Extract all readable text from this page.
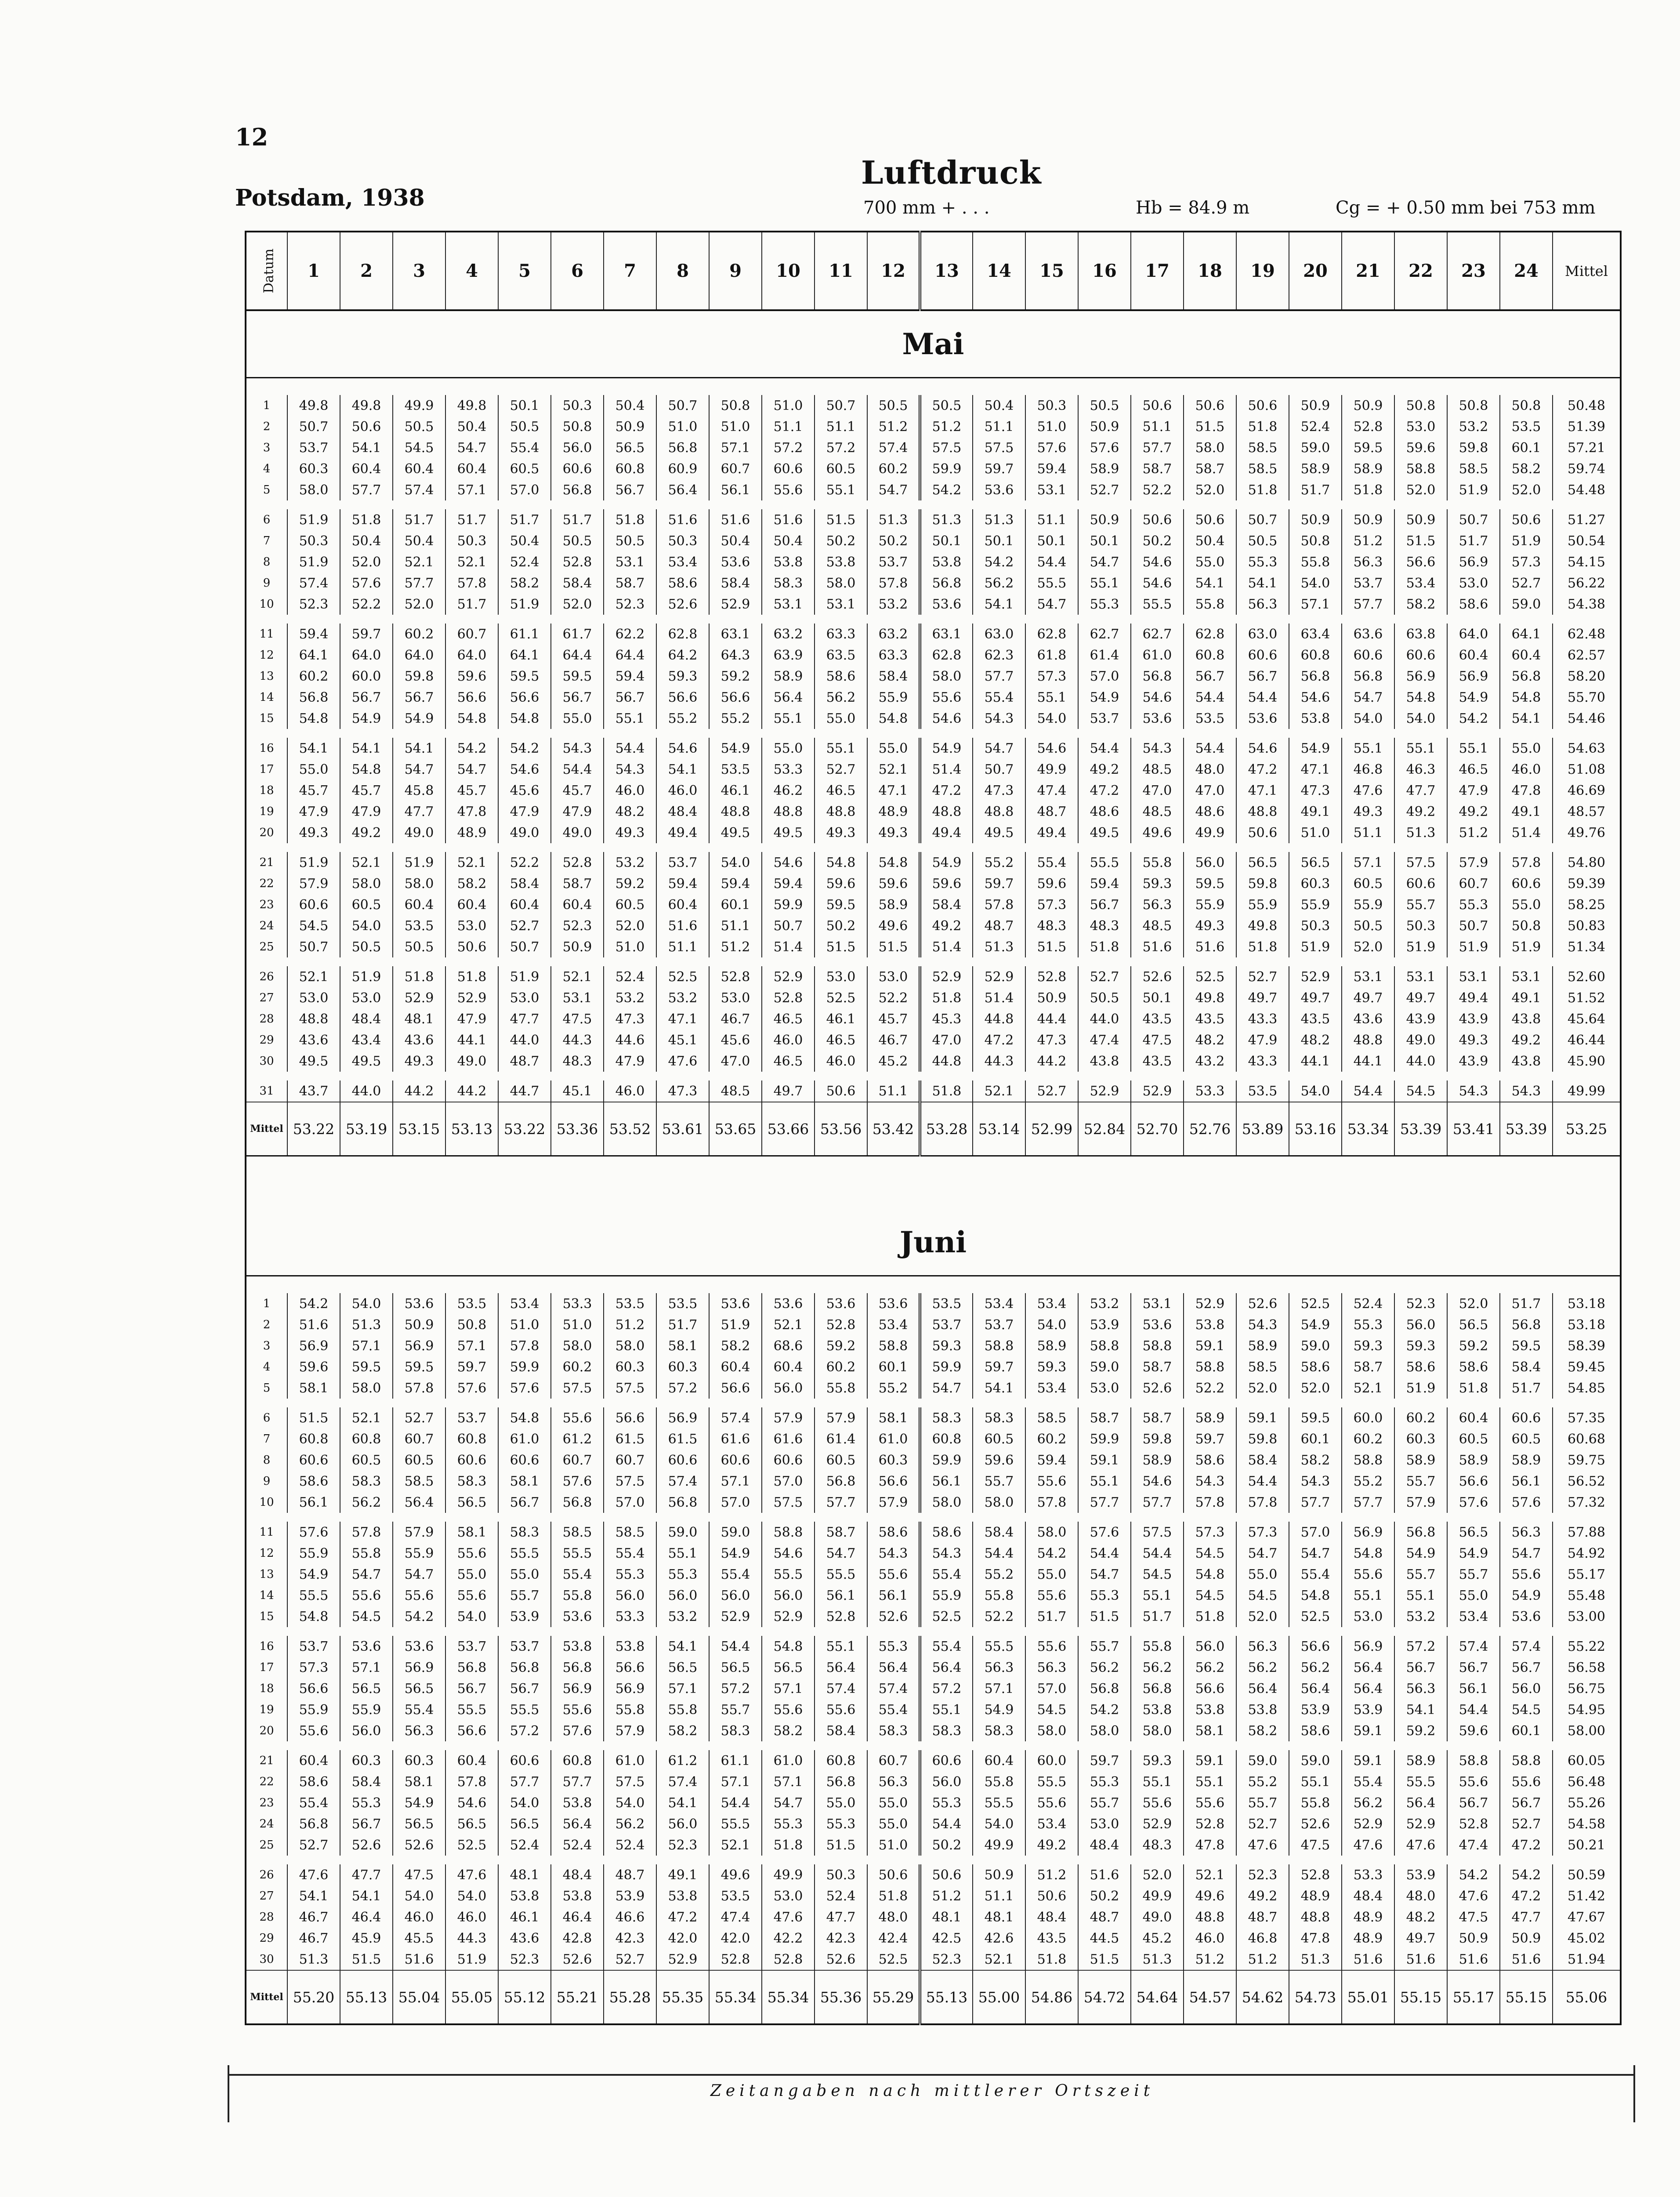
12
Potsdam, 1938
Luftdruck
700 mm + . . .	Hb = 84.9 m	Cg = + 0.50 mm bei 753 mm
Datum	1	2	3	4	5	6	7	8	9	10	11	12	13	14	15	16	17	18	19	20	21	22	23	24	Mittel
Mai																									

1	49.8	49.8	49.9	49.8	50.1	50.3	50.4	50.7	50.8	51.0	50.7	50.5	50.5	50.4	50.3	50.5	50.6	50.6	50.6	50.9	50.9	50.8	50.8	50.8	50.48
2	50.7	50.6	50.5	50.4	50.5	50.8	50.9	51.0	51.0	51.1	51.1	51.2	51.2	51.1	51.0	50.9	51.1	51.5	51.8	52.4	52.8	53.0	53.2	53.5	51.39
3	53.7	54.1	54.5	54.7	55.4	56.0	56.5	56.8	57.1	57.2	57.2	57.4	57.5	57.5	57.6	57.6	57.7	58.0	58.5	59.0	59.5	59.6	59.8	60.1	57.21
4	60.3	60.4	60.4	60.4	60.5	60.6	60.8	60.9	60.7	60.6	60.5	60.2	59.9	59.7	59.4	58.9	58.7	58.7	58.5	58.9	58.9	58.8	58.5	58.2	59.74
5	58.0	57.7	57.4	57.1	57.0	56.8	56.7	56.4	56.1	55.6	55.1	54.7	54.2	53.6	53.1	52.7	52.2	52.0	51.8	51.7	51.8	52.0	51.9	52.0	54.48

6	51.9	51.8	51.7	51.7	51.7	51.7	51.8	51.6	51.6	51.6	51.5	51.3	51.3	51.3	51.1	50.9	50.6	50.6	50.7	50.9	50.9	50.9	50.7	50.6	51.27
7	50.3	50.4	50.4	50.3	50.4	50.5	50.5	50.3	50.4	50.4	50.2	50.2	50.1	50.1	50.1	50.1	50.2	50.4	50.5	50.8	51.2	51.5	51.7	51.9	50.54
8	51.9	52.0	52.1	52.1	52.4	52.8	53.1	53.4	53.6	53.8	53.8	53.7	53.8	54.2	54.4	54.7	54.6	55.0	55.3	55.8	56.3	56.6	56.9	57.3	54.15
9	57.4	57.6	57.7	57.8	58.2	58.4	58.7	58.6	58.4	58.3	58.0	57.8	56.8	56.2	55.5	55.1	54.6	54.1	54.1	54.0	53.7	53.4	53.0	52.7	56.22
10	52.3	52.2	52.0	51.7	51.9	52.0	52.3	52.6	52.9	53.1	53.1	53.2	53.6	54.1	54.7	55.3	55.5	55.8	56.3	57.1	57.7	58.2	58.6	59.0	54.38

11	59.4	59.7	60.2	60.7	61.1	61.7	62.2	62.8	63.1	63.2	63.3	63.2	63.1	63.0	62.8	62.7	62.7	62.8	63.0	63.4	63.6	63.8	64.0	64.1	62.48
12	64.1	64.0	64.0	64.0	64.1	64.4	64.4	64.2	64.3	63.9	63.5	63.3	62.8	62.3	61.8	61.4	61.0	60.8	60.6	60.8	60.6	60.6	60.4	60.4	62.57
13	60.2	60.0	59.8	59.6	59.5	59.5	59.4	59.3	59.2	58.9	58.6	58.4	58.0	57.7	57.3	57.0	56.8	56.7	56.7	56.8	56.8	56.9	56.9	56.8	58.20
14	56.8	56.7	56.7	56.6	56.6	56.7	56.7	56.6	56.6	56.4	56.2	55.9	55.6	55.4	55.1	54.9	54.6	54.4	54.4	54.6	54.7	54.8	54.9	54.8	55.70
15	54.8	54.9	54.9	54.8	54.8	55.0	55.1	55.2	55.2	55.1	55.0	54.8	54.6	54.3	54.0	53.7	53.6	53.5	53.6	53.8	54.0	54.0	54.2	54.1	54.46

16	54.1	54.1	54.1	54.2	54.2	54.3	54.4	54.6	54.9	55.0	55.1	55.0	54.9	54.7	54.6	54.4	54.3	54.4	54.6	54.9	55.1	55.1	55.1	55.0	54.63
17	55.0	54.8	54.7	54.7	54.6	54.4	54.3	54.1	53.5	53.3	52.7	52.1	51.4	50.7	49.9	49.2	48.5	48.0	47.2	47.1	46.8	46.3	46.5	46.0	51.08
18	45.7	45.7	45.8	45.7	45.6	45.7	46.0	46.0	46.1	46.2	46.5	47.1	47.2	47.3	47.4	47.2	47.0	47.0	47.1	47.3	47.6	47.7	47.9	47.8	46.69
19	47.9	47.9	47.7	47.8	47.9	47.9	48.2	48.4	48.8	48.8	48.8	48.9	48.8	48.8	48.7	48.6	48.5	48.6	48.8	49.1	49.3	49.2	49.2	49.1	48.57
20	49.3	49.2	49.0	48.9	49.0	49.0	49.3	49.4	49.5	49.5	49.3	49.3	49.4	49.5	49.4	49.5	49.6	49.9	50.6	51.0	51.1	51.3	51.2	51.4	49.76

21	51.9	52.1	51.9	52.1	52.2	52.8	53.2	53.7	54.0	54.6	54.8	54.8	54.9	55.2	55.4	55.5	55.8	56.0	56.5	56.5	57.1	57.5	57.9	57.8	54.80
22	57.9	58.0	58.0	58.2	58.4	58.7	59.2	59.4	59.4	59.4	59.6	59.6	59.6	59.7	59.6	59.4	59.3	59.5	59.8	60.3	60.5	60.6	60.7	60.6	59.39
23	60.6	60.5	60.4	60.4	60.4	60.4	60.5	60.4	60.1	59.9	59.5	58.9	58.4	57.8	57.3	56.7	56.3	55.9	55.9	55.9	55.9	55.7	55.3	55.0	58.25
24	54.5	54.0	53.5	53.0	52.7	52.3	52.0	51.6	51.1	50.7	50.2	49.6	49.2	48.7	48.3	48.3	48.5	49.3	49.8	50.3	50.5	50.3	50.7	50.8	50.83
25	50.7	50.5	50.5	50.6	50.7	50.9	51.0	51.1	51.2	51.4	51.5	51.5	51.4	51.3	51.5	51.8	51.6	51.6	51.8	51.9	52.0	51.9	51.9	51.9	51.34

26	52.1	51.9	51.8	51.8	51.9	52.1	52.4	52.5	52.8	52.9	53.0	53.0	52.9	52.9	52.8	52.7	52.6	52.5	52.7	52.9	53.1	53.1	53.1	53.1	52.60
27	53.0	53.0	52.9	52.9	53.0	53.1	53.2	53.2	53.0	52.8	52.5	52.2	51.8	51.4	50.9	50.5	50.1	49.8	49.7	49.7	49.7	49.7	49.4	49.1	51.52
28	48.8	48.4	48.1	47.9	47.7	47.5	47.3	47.1	46.7	46.5	46.1	45.7	45.3	44.8	44.4	44.0	43.5	43.5	43.3	43.5	43.6	43.9	43.9	43.8	45.64
29	43.6	43.4	43.6	44.1	44.0	44.3	44.6	45.1	45.6	46.0	46.5	46.7	47.0	47.2	47.3	47.4	47.5	48.2	47.9	48.2	48.8	49.0	49.3	49.2	46.44
30	49.5	49.5	49.3	49.0	48.7	48.3	47.9	47.6	47.0	46.5	46.0	45.2	44.8	44.3	44.2	43.8	43.5	43.2	43.3	44.1	44.1	44.0	43.9	43.8	45.90

31	43.7	44.0	44.2	44.2	44.7	45.1	46.0	47.3	48.5	49.7	50.6	51.1	51.8	52.1	52.7	52.9	52.9	53.3	53.5	54.0	54.4	54.5	54.3	54.3	49.99
Mittel	53.22	53.19	53.15	53.13	53.22	53.36	53.52	53.61	53.65	53.66	53.56	53.42	53.28	53.14	52.99	52.84	52.70	52.76	53.89	53.16	53.34	53.39	53.41	53.39	53.25

Juni																									

1	54.2	54.0	53.6	53.5	53.4	53.3	53.5	53.5	53.6	53.6	53.6	53.6	53.5	53.4	53.4	53.2	53.1	52.9	52.6	52.5	52.4	52.3	52.0	51.7	53.18
2	51.6	51.3	50.9	50.8	51.0	51.0	51.2	51.7	51.9	52.1	52.8	53.4	53.7	53.7	54.0	53.9	53.6	53.8	54.3	54.9	55.3	56.0	56.5	56.8	53.18
3	56.9	57.1	56.9	57.1	57.8	58.0	58.0	58.1	58.2	68.6	59.2	58.8	59.3	58.8	58.9	58.8	58.8	59.1	58.9	59.0	59.3	59.3	59.2	59.5	58.39
4	59.6	59.5	59.5	59.7	59.9	60.2	60.3	60.3	60.4	60.4	60.2	60.1	59.9	59.7	59.3	59.0	58.7	58.8	58.5	58.6	58.7	58.6	58.6	58.4	59.45
5	58.1	58.0	57.8	57.6	57.6	57.5	57.5	57.2	56.6	56.0	55.8	55.2	54.7	54.1	53.4	53.0	52.6	52.2	52.0	52.0	52.1	51.9	51.8	51.7	54.85

6	51.5	52.1	52.7	53.7	54.8	55.6	56.6	56.9	57.4	57.9	57.9	58.1	58.3	58.3	58.5	58.7	58.7	58.9	59.1	59.5	60.0	60.2	60.4	60.6	57.35
7	60.8	60.8	60.7	60.8	61.0	61.2	61.5	61.5	61.6	61.6	61.4	61.0	60.8	60.5	60.2	59.9	59.8	59.7	59.8	60.1	60.2	60.3	60.5	60.5	60.68
8	60.6	60.5	60.5	60.6	60.6	60.7	60.7	60.6	60.6	60.6	60.5	60.3	59.9	59.6	59.4	59.1	58.9	58.6	58.4	58.2	58.8	58.9	58.9	58.9	59.75
9	58.6	58.3	58.5	58.3	58.1	57.6	57.5	57.4	57.1	57.0	56.8	56.6	56.1	55.7	55.6	55.1	54.6	54.3	54.4	54.3	55.2	55.7	56.6	56.1	56.52
10	56.1	56.2	56.4	56.5	56.7	56.8	57.0	56.8	57.0	57.5	57.7	57.9	58.0	58.0	57.8	57.7	57.7	57.8	57.8	57.7	57.7	57.9	57.6	57.6	57.32

11	57.6	57.8	57.9	58.1	58.3	58.5	58.5	59.0	59.0	58.8	58.7	58.6	58.6	58.4	58.0	57.6	57.5	57.3	57.3	57.0	56.9	56.8	56.5	56.3	57.88
12	55.9	55.8	55.9	55.6	55.5	55.5	55.4	55.1	54.9	54.6	54.7	54.3	54.3	54.4	54.2	54.4	54.4	54.5	54.7	54.7	54.8	54.9	54.9	54.7	54.92
13	54.9	54.7	54.7	55.0	55.0	55.4	55.3	55.3	55.4	55.5	55.5	55.6	55.4	55.2	55.0	54.7	54.5	54.8	55.0	55.4	55.6	55.7	55.7	55.6	55.17
14	55.5	55.6	55.6	55.6	55.7	55.8	56.0	56.0	56.0	56.0	56.1	56.1	55.9	55.8	55.6	55.3	55.1	54.5	54.5	54.8	55.1	55.1	55.0	54.9	55.48
15	54.8	54.5	54.2	54.0	53.9	53.6	53.3	53.2	52.9	52.9	52.8	52.6	52.5	52.2	51.7	51.5	51.7	51.8	52.0	52.5	53.0	53.2	53.4	53.6	53.00

16	53.7	53.6	53.6	53.7	53.7	53.8	53.8	54.1	54.4	54.8	55.1	55.3	55.4	55.5	55.6	55.7	55.8	56.0	56.3	56.6	56.9	57.2	57.4	57.4	55.22
17	57.3	57.1	56.9	56.8	56.8	56.8	56.6	56.5	56.5	56.5	56.4	56.4	56.4	56.3	56.3	56.2	56.2	56.2	56.2	56.2	56.4	56.7	56.7	56.7	56.58
18	56.6	56.5	56.5	56.7	56.7	56.9	56.9	57.1	57.2	57.1	57.4	57.4	57.2	57.1	57.0	56.8	56.8	56.6	56.4	56.4	56.4	56.3	56.1	56.0	56.75
19	55.9	55.9	55.4	55.5	55.5	55.6	55.8	55.8	55.7	55.6	55.6	55.4	55.1	54.9	54.5	54.2	53.8	53.8	53.8	53.9	53.9	54.1	54.4	54.5	54.95
20	55.6	56.0	56.3	56.6	57.2	57.6	57.9	58.2	58.3	58.2	58.4	58.3	58.3	58.3	58.0	58.0	58.0	58.1	58.2	58.6	59.1	59.2	59.6	60.1	58.00

21	60.4	60.3	60.3	60.4	60.6	60.8	61.0	61.2	61.1	61.0	60.8	60.7	60.6	60.4	60.0	59.7	59.3	59.1	59.0	59.0	59.1	58.9	58.8	58.8	60.05
22	58.6	58.4	58.1	57.8	57.7	57.7	57.5	57.4	57.1	57.1	56.8	56.3	56.0	55.8	55.5	55.3	55.1	55.1	55.2	55.1	55.4	55.5	55.6	55.6	56.48
23	55.4	55.3	54.9	54.6	54.0	53.8	54.0	54.1	54.4	54.7	55.0	55.0	55.3	55.5	55.6	55.7	55.6	55.6	55.7	55.8	56.2	56.4	56.7	56.7	55.26
24	56.8	56.7	56.5	56.5	56.5	56.4	56.2	56.0	55.5	55.3	55.3	55.0	54.4	54.0	53.4	53.0	52.9	52.8	52.7	52.6	52.9	52.9	52.8	52.7	54.58
25	52.7	52.6	52.6	52.5	52.4	52.4	52.4	52.3	52.1	51.8	51.5	51.0	50.2	49.9	49.2	48.4	48.3	47.8	47.6	47.5	47.6	47.6	47.4	47.2	50.21

26	47.6	47.7	47.5	47.6	48.1	48.4	48.7	49.1	49.6	49.9	50.3	50.6	50.6	50.9	51.2	51.6	52.0	52.1	52.3	52.8	53.3	53.9	54.2	54.2	50.59
27	54.1	54.1	54.0	54.0	53.8	53.8	53.9	53.8	53.5	53.0	52.4	51.8	51.2	51.1	50.6	50.2	49.9	49.6	49.2	48.9	48.4	48.0	47.6	47.2	51.42
28	46.7	46.4	46.0	46.0	46.1	46.4	46.6	47.2	47.4	47.6	47.7	48.0	48.1	48.1	48.4	48.7	49.0	48.8	48.7	48.8	48.9	48.2	47.5	47.7	47.67
29	46.7	45.9	45.5	44.3	43.6	42.8	42.3	42.0	42.0	42.2	42.3	42.4	42.5	42.6	43.5	44.5	45.2	46.0	46.8	47.8	48.9	49.7	50.9	50.9	45.02
30	51.3	51.5	51.6	51.9	52.3	52.6	52.7	52.9	52.8	52.8	52.6	52.5	52.3	52.1	51.8	51.5	51.3	51.2	51.2	51.3	51.6	51.6	51.6	51.6	51.94
Mittel	55.20	55.13	55.04	55.05	55.12	55.21	55.28	55.35	55.34	55.34	55.36	55.29	55.13	55.00	54.86	54.72	54.64	54.57	54.62	54.73	55.01	55.15	55.17	55.15	55.06
Zeitangaben nach mittlerer Ortszeit
